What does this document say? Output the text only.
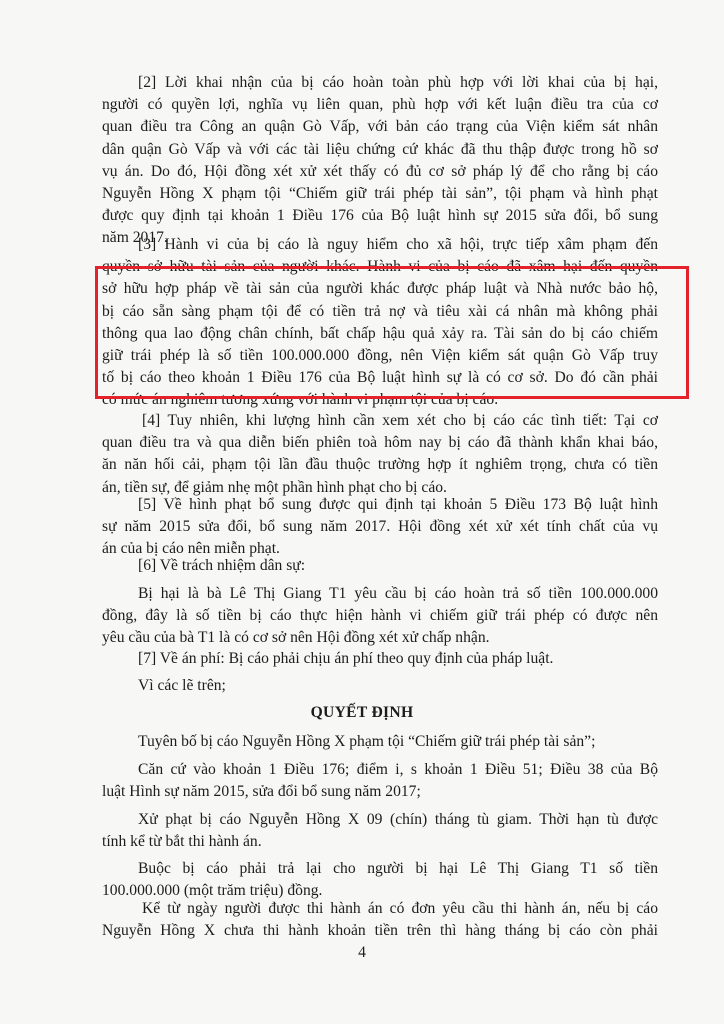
[2] Lời khai nhận của bị cáo hoàn toàn phù hợp với lời khai của bị hại,
người có quyền lợi, nghĩa vụ liên quan, phù hợp với kết luận điều tra của cơ
quan điều tra Công an quận Gò Vấp, với bản cáo trạng của Viện kiểm sát nhân
dân quận Gò Vấp và với các tài liệu chứng cứ khác đã thu thập được trong hồ sơ
vụ án. Do đó, Hội đồng xét xử xét thấy có đủ cơ sở pháp lý để cho rằng bị cáo
Nguyễn Hồng X phạm tội “Chiếm giữ trái phép tài sản”, tội phạm và hình phạt
được quy định tại khoản 1 Điều 176 của Bộ luật hình sự 2015 sửa đổi, bổ sung
năm 2017.
[3] Hành vi của bị cáo là nguy hiểm cho xã hội, trực tiếp xâm phạm đến
quyền sở hữu tài sản của người khác. Hành vi của bị cáo đã xâm hại đến quyền
sở hữu hợp pháp về tài sản của người khác được pháp luật và Nhà nước bảo hộ,
bị cáo sẵn sàng phạm tội để có tiền trả nợ và tiêu xài cá nhân mà không phải
thông qua lao động chân chính, bất chấp hậu quả xảy ra. Tài sản do bị cáo chiếm
giữ trái phép là số tiền 100.000.000 đồng, nên Viện kiểm sát quận Gò Vấp truy
tố bị cáo theo khoản 1 Điều 176 của Bộ luật hình sự là có cơ sở. Do đó cần phải
có mức án nghiêm tương xứng với hành vi phạm tội của bị cáo.
[4] Tuy nhiên, khi lượng hình cần xem xét cho bị cáo các tình tiết: Tại cơ
quan điều tra và qua diễn biến phiên toà hôm nay bị cáo đã thành khẩn khai báo,
ăn năn hối cải, phạm tội lần đầu thuộc trường hợp ít nghiêm trọng, chưa có tiền
án, tiền sự, để giảm nhẹ một phần hình phạt cho bị cáo.
[5] Về hình phạt bổ sung được qui định tại khoản 5 Điều 173 Bộ luật hình
sự năm 2015 sửa đổi, bổ sung năm 2017. Hội đồng xét xử xét tính chất của vụ
án của bị cáo nên miễn phạt.
[6] Về trách nhiệm dân sự:
Bị hại là bà Lê Thị Giang T1 yêu cầu bị cáo hoàn trả số tiền 100.000.000
đồng, đây là số tiền bị cáo thực hiện hành vi chiếm giữ trái phép có được nên
yêu cầu của bà T1 là có cơ sở nên Hội đồng xét xử chấp nhận.
[7] Về án phí: Bị cáo phải chịu án phí theo quy định của pháp luật.
Vì các lẽ trên;
QUYẾT ĐỊNH
Tuyên bố bị cáo Nguyễn Hồng X phạm tội “Chiếm giữ trái phép tài sản”;
Căn cứ vào khoản 1 Điều 176; điểm i, s khoản 1 Điều 51; Điều 38 của Bộ
luật Hình sự năm 2015, sửa đổi bổ sung năm 2017;
Xử phạt bị cáo Nguyễn Hồng X 09 (chín) tháng tù giam. Thời hạn tù được
tính kể từ bắt thi hành án.
Buộc bị cáo phải trả lại cho người bị hại Lê Thị Giang T1 số tiền
100.000.000 (một trăm triệu) đồng.
Kể từ ngày người được thi hành án có đơn yêu cầu thi hành án, nếu bị cáo
Nguyễn Hồng X chưa thi hành khoản tiền trên thì hàng tháng bị cáo còn phải
4
